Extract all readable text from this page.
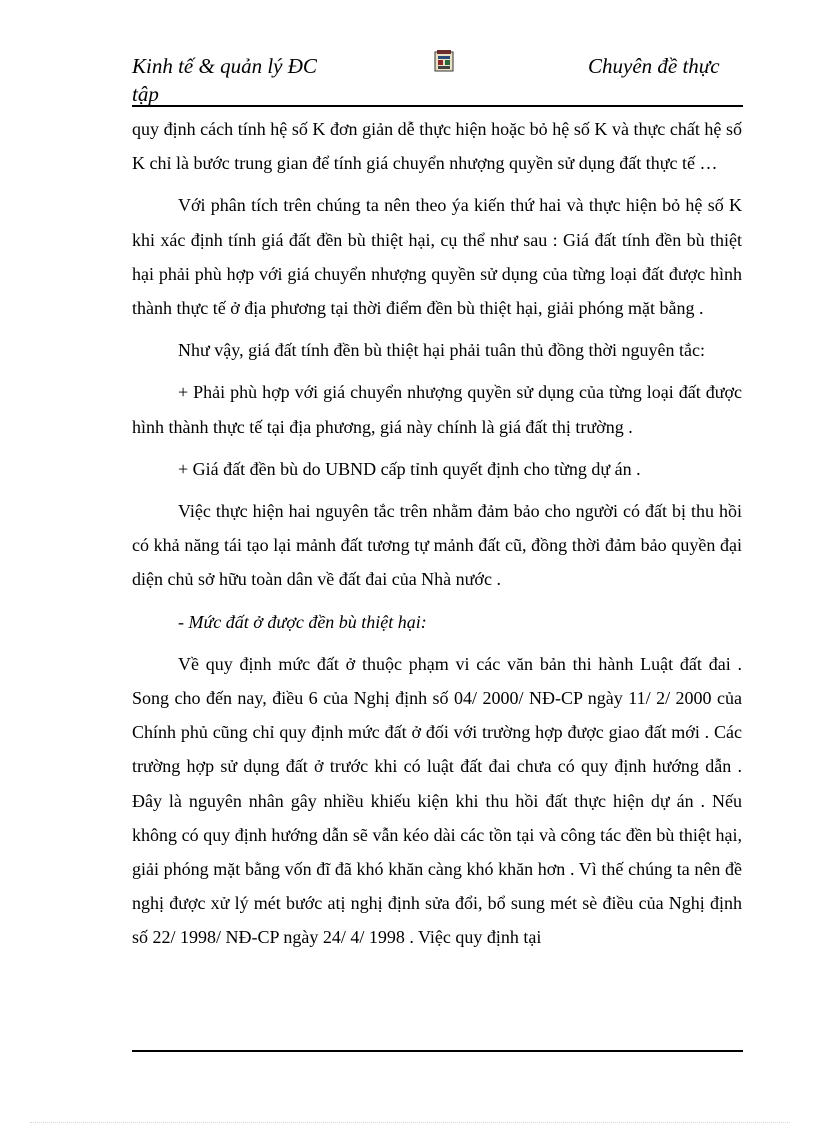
Kinh tế & quản lý ĐC tập
Chuyên đề thực

quy định cách tính hệ số K đơn giản dễ thực hiện hoặc bỏ hệ số K và thực chất hệ số K chỉ là bước trung gian để tính giá chuyển nhượng quyền sử dụng đất thực tế …

Với phân tích trên chúng ta nên theo ýa kiến thứ hai và thực hiện bỏ hệ số K khi xác định tính giá đất đền bù thiệt hại, cụ thể như sau : Giá đất tính đền bù thiệt hại phải phù hợp với giá chuyển nhượng quyền sử dụng của từng loại đất được hình thành thực tế ở địa phương tại thời điểm đền bù thiệt hại, giải phóng mặt bằng .

Như vậy, giá đất tính đền bù thiệt hại phải tuân thủ đồng thời nguyên tắc:

+ Phải phù hợp với giá chuyển nhượng quyền sử dụng của từng loại đất được hình thành thực tế tại địa phương, giá này chính là giá đất thị trường .

+ Giá đất đền bù do UBND cấp tỉnh quyết định cho từng dự án .

Việc thực hiện hai nguyên tắc trên nhằm đảm bảo cho người có đất bị thu hồi có khả năng tái tạo lại mảnh đất tương tự mảnh đất cũ, đồng thời đảm bảo quyền đại diện chủ sở hữu toàn dân về đất đai của Nhà nước .

- Mức đất ở được đền bù thiệt hại:

Về quy định mức đất ở thuộc phạm vi các văn bản thi hành Luật đất đai . Song cho đến nay, điều 6 của Nghị định số 04/ 2000/ NĐ-CP ngày 11/ 2/ 2000 của Chính phủ cũng chỉ quy định mức đất ở đối với trường hợp được giao đất mới . Các trường hợp sử dụng đất ở trước khi có luật đất đai chưa có quy định hướng dẫn . Đây là nguyên nhân gây nhiều khiếu kiện khi thu hồi đất thực hiện dự án . Nếu không có quy định hướng dẫn sẽ vẫn kéo dài các tồn tại và công tác đền bù thiệt hại, giải phóng mặt bằng vốn đĩ đã khó khăn càng khó khăn hơn . Vì thế chúng ta nên đề nghị được xử lý mét bước atị nghị định sửa đổi, bổ sung mét sè điều của Nghị định số 22/ 1998/ NĐ-CP ngày 24/ 4/ 1998 . Việc quy định tại
